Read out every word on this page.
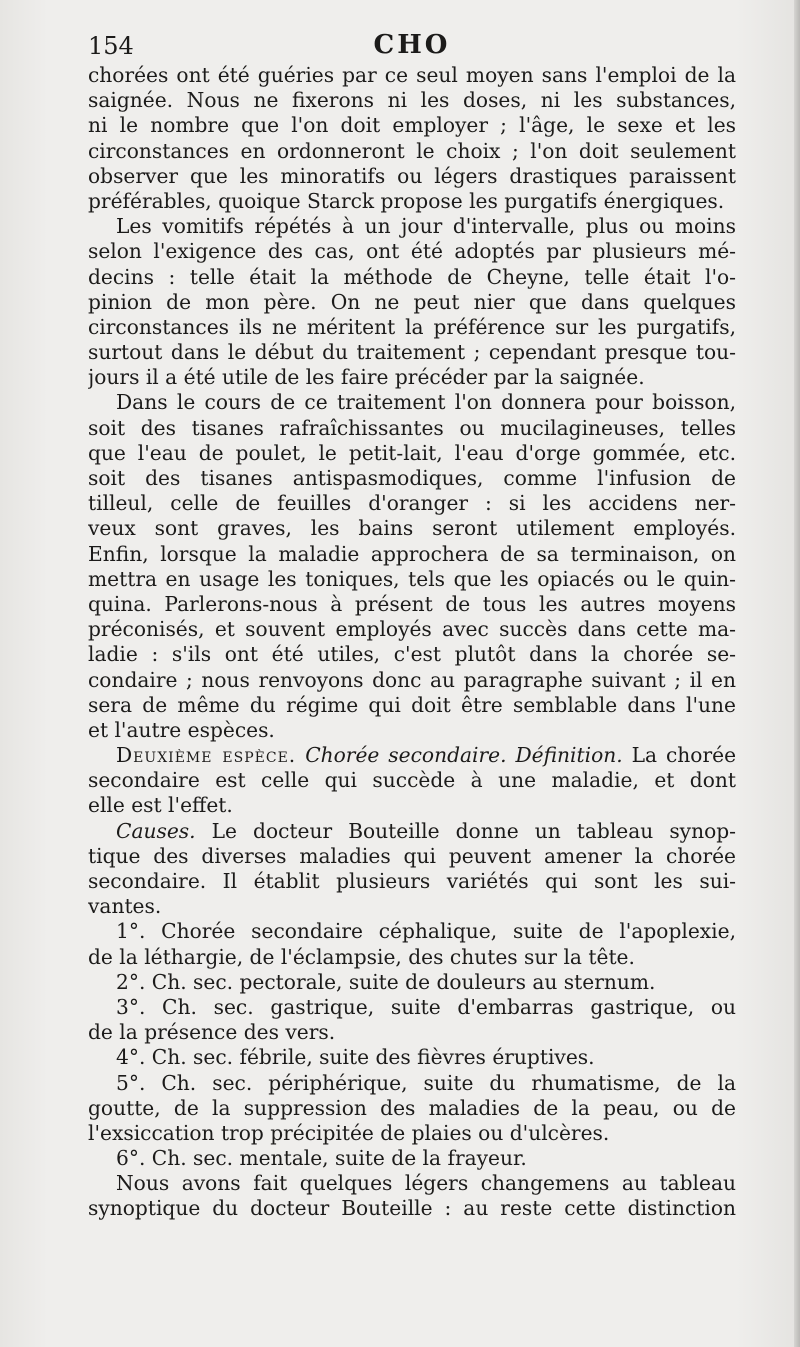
154	CHO
chorées ont été guéries par ce seul moyen sans l'emploi de la
saignée. Nous ne fixerons ni les doses, ni les substances,
ni le nombre que l'on doit employer ; l'âge, le sexe et les
circonstances en ordonneront le choix ; l'on doit seulement
observer que les minoratifs ou légers drastiques paraissent
préférables, quoique Starck propose les purgatifs énergiques.
Les vomitifs répétés à un jour d'intervalle, plus ou moins
selon l'exigence des cas, ont été adoptés par plusieurs mé-
decins : telle était la méthode de Cheyne, telle était l'o-
pinion de mon père. On ne peut nier que dans quelques
circonstances ils ne méritent la préférence sur les purgatifs,
surtout dans le début du traitement ; cependant presque tou-
jours il a été utile de les faire précéder par la saignée.
Dans le cours de ce traitement l'on donnera pour boisson,
soit des tisanes rafraîchissantes ou mucilagineuses, telles
que l'eau de poulet, le petit-lait, l'eau d'orge gommée, etc.
soit des tisanes antispasmodiques, comme l'infusion de
tilleul, celle de feuilles d'oranger : si les accidens ner-
veux sont graves, les bains seront utilement employés.
Enfin, lorsque la maladie approchera de sa terminaison, on
mettra en usage les toniques, tels que les opiacés ou le quin-
quina. Parlerons-nous à présent de tous les autres moyens
préconisés, et souvent employés avec succès dans cette ma-
ladie : s'ils ont été utiles, c'est plutôt dans la chorée se-
condaire ; nous renvoyons donc au paragraphe suivant ; il en
sera de même du régime qui doit être semblable dans l'une
et l'autre espèces.
Deuxième espèce. Chorée secondaire. Définition. La chorée
secondaire est celle qui succède à une maladie, et dont
elle est l'effet.
Causes. Le docteur Bouteille donne un tableau synop-
tique des diverses maladies qui peuvent amener la chorée
secondaire. Il établit plusieurs variétés qui sont les sui-
vantes.
1°. Chorée secondaire céphalique, suite de l'apoplexie,
de la léthargie, de l'éclampsie, des chutes sur la tête.
2°. Ch. sec. pectorale, suite de douleurs au sternum.
3°. Ch. sec. gastrique, suite d'embarras gastrique, ou
de la présence des vers.
4°. Ch. sec. fébrile, suite des fièvres éruptives.
5°. Ch. sec. périphérique, suite du rhumatisme, de la
goutte, de la suppression des maladies de la peau, ou de
l'exsiccation trop précipitée de plaies ou d'ulcères.
6°. Ch. sec. mentale, suite de la frayeur.
Nous avons fait quelques légers changemens au tableau
synoptique du docteur Bouteille : au reste cette distinction
